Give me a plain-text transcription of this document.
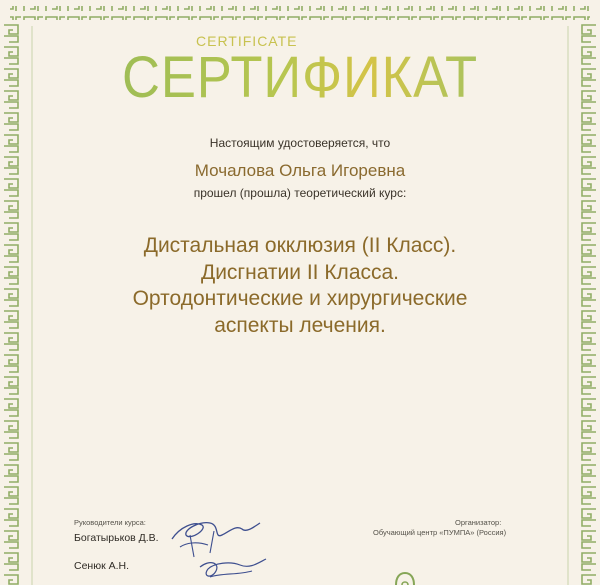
CERTIFICATE
СЕРТИФИКАТ
Настоящим удостоверяется, что
Мочалова Ольга Игоревна
прошел (прошла) теоретический курс:
Дистальная окклюзия (II Класс).
Дисгнатии II Класса.
Ортодонтические и хирургические
аспекты лечения.
Руководители курса:
Богатырьков Д.В.
Сенюк А.Н.
Организатор:
Обучающий центр «ПУМПА» (Россия)
